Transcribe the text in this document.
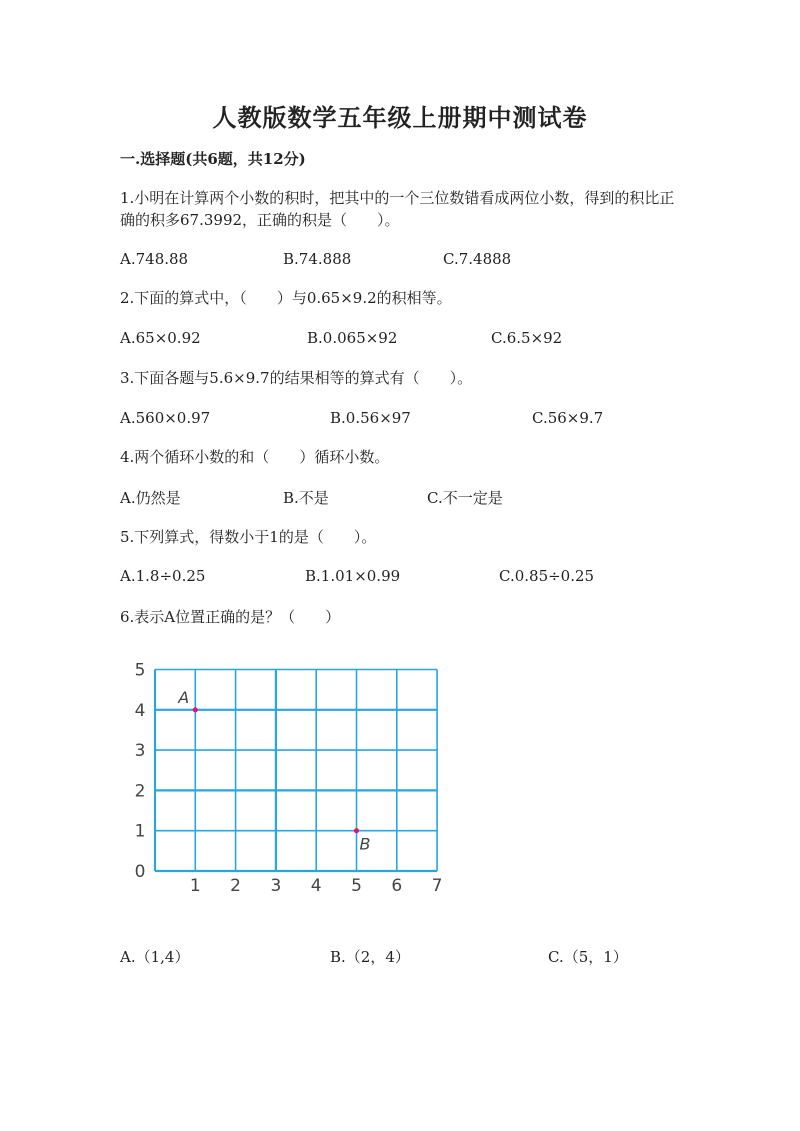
人教版数学五年级上册期中测试卷
一.选择题(共6题，共12分)
1.小明在计算两个小数的积时，把其中的一个三位数错看成两位小数，得到的积比正确的积多67.3992，正确的积是（　　）。
A.748.88	B.74.888	C.7.4888
2.下面的算式中，（　　）与0.65×9.2的积相等。
A.65×0.92	B.0.065×92	C.6.5×92
3.下面各题与5.6×9.7的结果相等的算式有（　　）。
A.560×0.97	B.0.56×97	C.56×9.7
4.两个循环小数的和（　　）循环小数。
A.仍然是	B.不是	C.不一定是
5.下列算式，得数小于1的是（　　）。
A.1.8÷0.25	B.1.01×0.99	C.0.85÷0.25
6.表示A位置正确的是？（　　）
1 2 3 4 5 6 7
0
1
2
3
4
5
A
B
A.（1,4）	B.（2，4）	C.（5，1）
